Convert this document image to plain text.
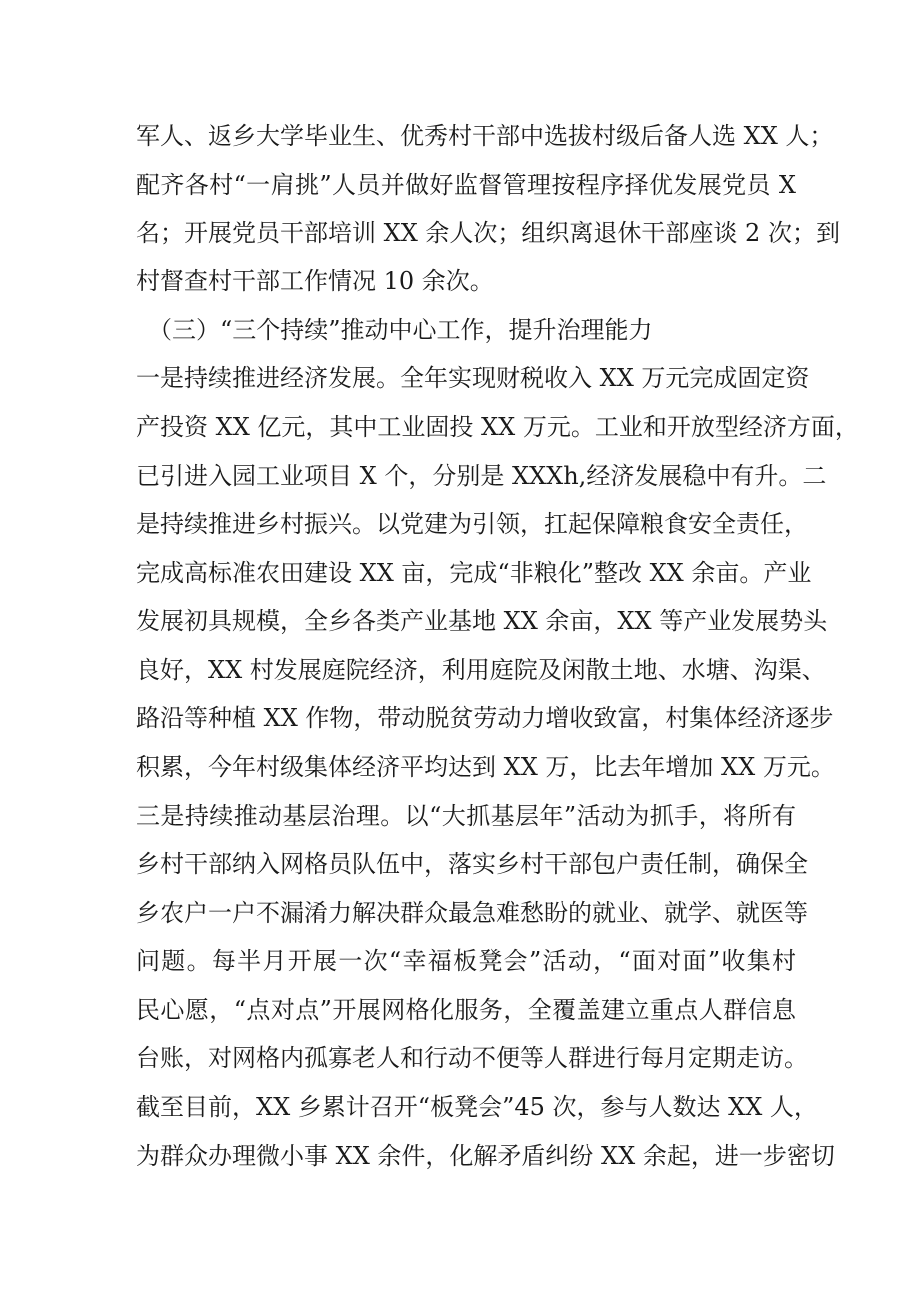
军人、返乡大学毕业生、优秀村干部中选拔村级后备人选 XX 人；
配齐各村“一肩挑”人员并做好监督管理按程序择优发展党员 X
名；开展党员干部培训 XX 余人次；组织离退休干部座谈 2 次；到
村督查村干部工作情况 10 余次。
（三）“三个持续”推动中心工作，提升治理能力
一是持续推进经济发展。全年实现财税收入 XX 万元完成固定资
产投资 XX 亿元，其中工业固投 XX 万元。工业和开放型经济方面，
已引进入园工业项目 X 个，分别是 XXXh,经济发展稳中有升。二
是持续推进乡村振兴。以党建为引领，扛起保障粮食安全责任，
完成高标准农田建设 XX 亩，完成“非粮化”整改 XX 余亩。产业
发展初具规模，全乡各类产业基地 XX 余亩，XX 等产业发展势头
良好，XX 村发展庭院经济，利用庭院及闲散土地、水塘、沟渠、
路沿等种植 XX 作物，带动脱贫劳动力增收致富，村集体经济逐步
积累，今年村级集体经济平均达到 XX 万，比去年增加 XX 万元。
三是持续推动基层治理。以“大抓基层年”活动为抓手，将所有
乡村干部纳入网格员队伍中，落实乡村干部包户责任制，确保全
乡农户一户不漏淆力解决群众最急难愁盼的就业、就学、就医等
问题。每半月开展一次“幸福板凳会”活动，“面对面”收集村
民心愿，“点对点”开展网格化服务，全覆盖建立重点人群信息
台账，对网格内孤寡老人和行动不便等人群进行每月定期走访。
截至目前，XX 乡累计召开“板凳会”45 次，参与人数达 XX 人，
为群众办理微小事 XX 余件，化解矛盾纠纷 XX 余起，进一步密切
